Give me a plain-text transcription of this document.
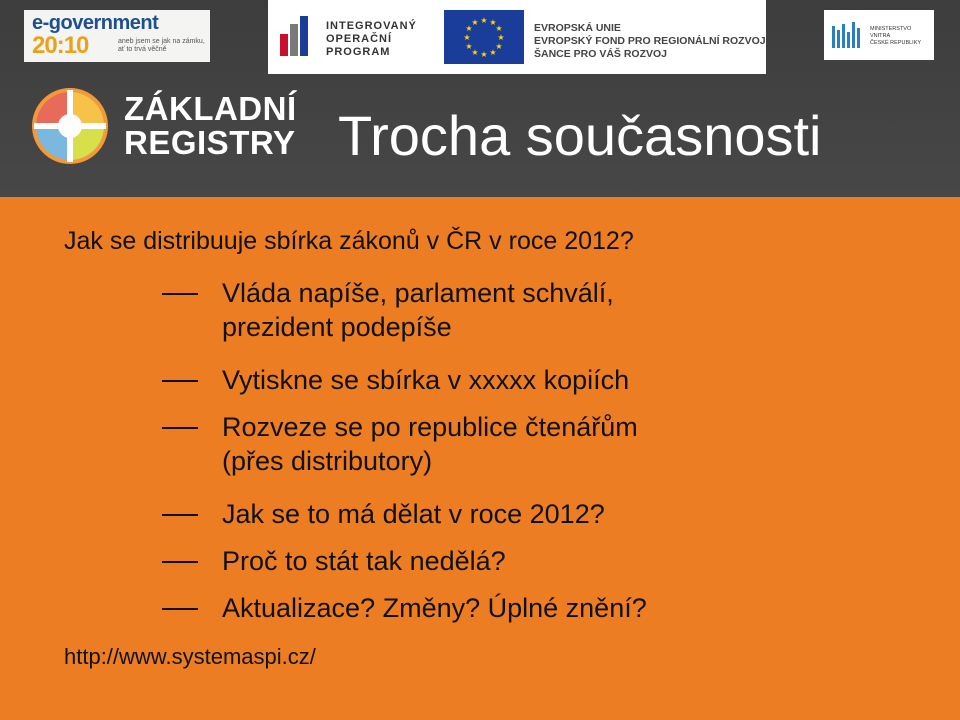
e-government
20:10	aneb jsem se jak na zámku, ať to trvá věčně
INTEGROVANÝ
OPERAČNÍ
PROGRAM
★ ★
★
★
★
★
★
★
★
★
★
★	EVROPSKÁ UNIE
EVROPSKÝ FOND PRO REGIONÁLNÍ ROZVOJ
ŠANCE PRO VÁŠ ROZVOJ
MINISTERSTVO VNITRA
ČESKÉ REPUBLIKY
ZÁKLADNÍ
REGISTRY Trocha současnosti

Jak se distribuuje sbírka zákonů v ČR v roce 2012?

Vláda napíše, parlament schválí,
prezident podepíše
Vytiskne se sbírka v xxxxx kopiích
Rozveze se po republice čtenářům
(přes distributory)
Jak se to má dělat v roce 2012?
Proč to stát tak nedělá?
Aktualizace? Změny? Úplné znění?

http://www.systemaspi.cz/
